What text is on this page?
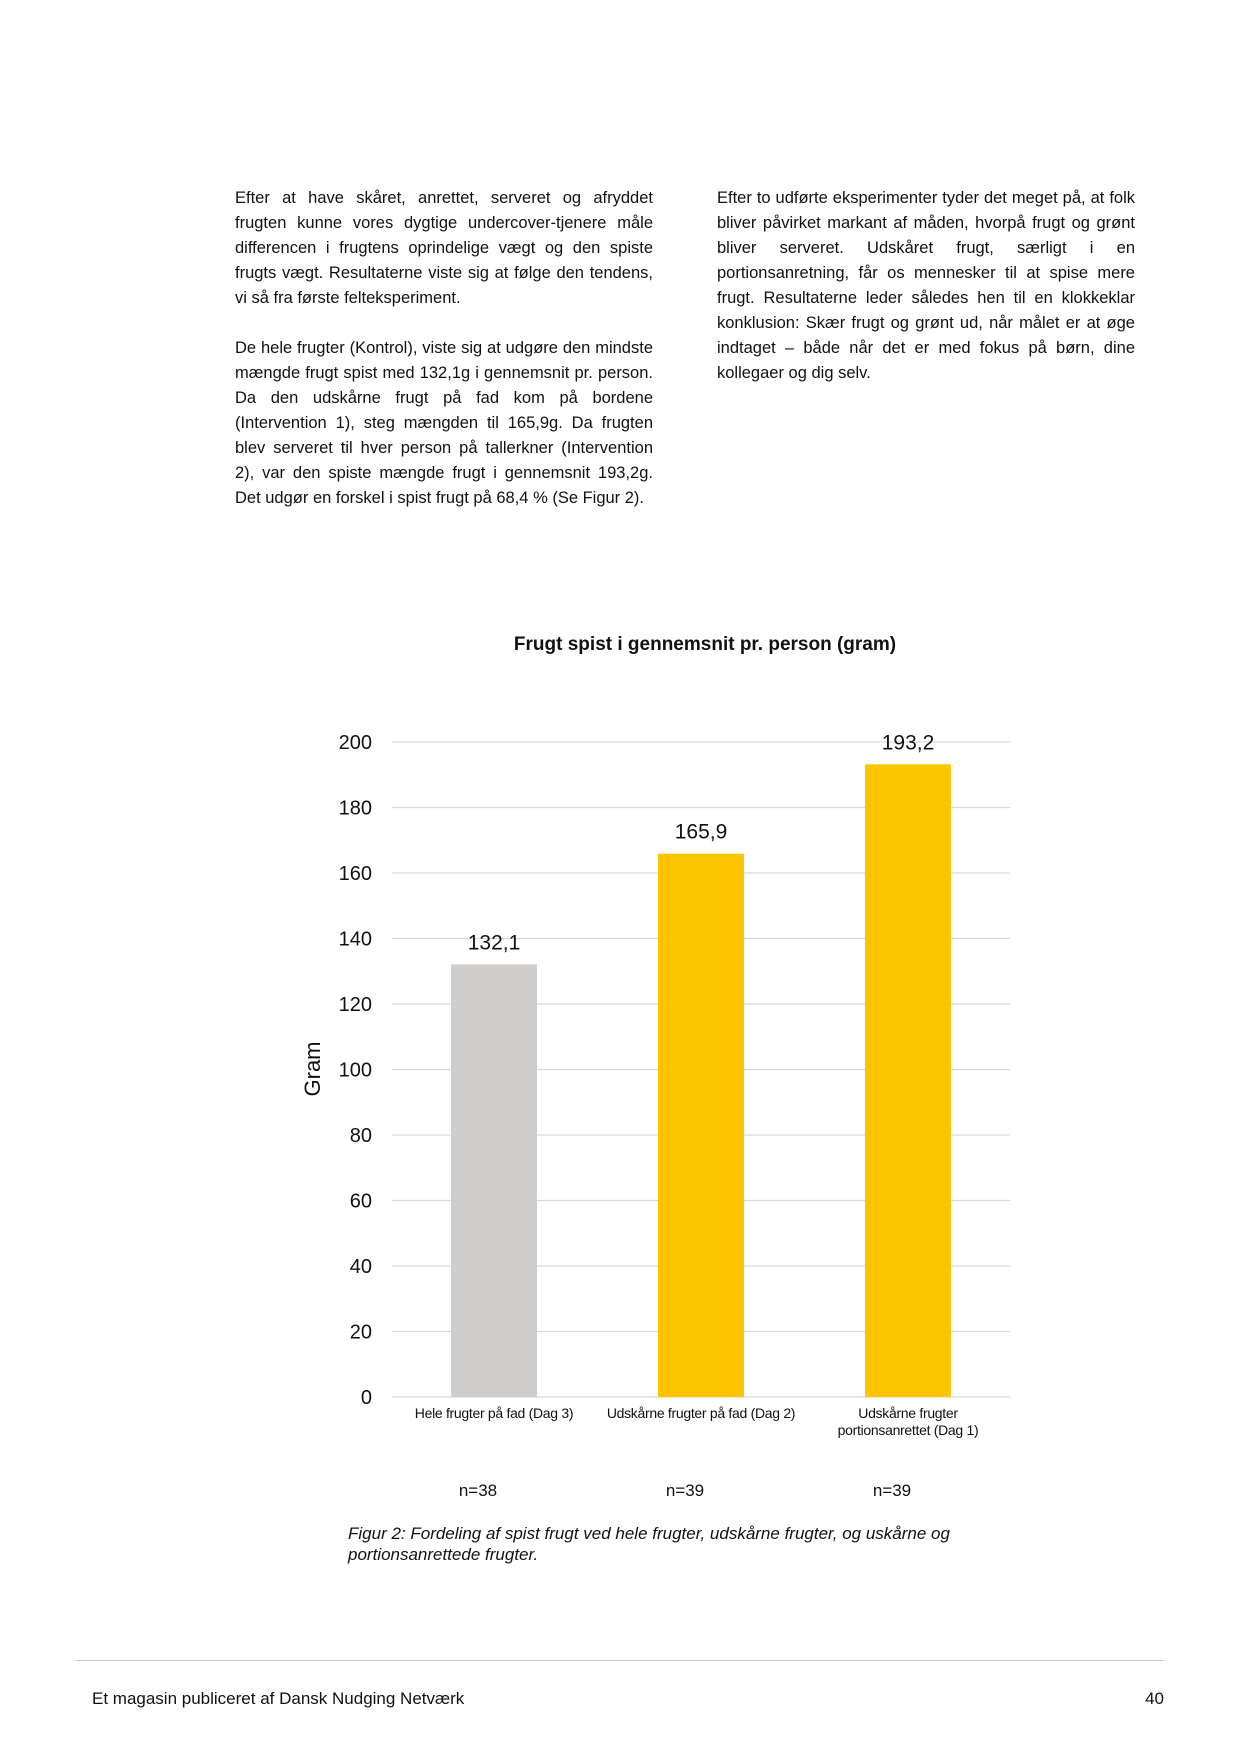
Efter at have skåret, anrettet, serveret og afryddet frugten kunne vores dygtige undercover-tjenere måle differencen i frugtens oprindelige vægt og den spiste frugts vægt. Resultaterne viste sig at følge den tendens, vi så fra første felteksperiment.

De hele frugter (Kontrol), viste sig at udgøre den mindste mængde frugt spist med 132,1g i gennemsnit pr. person. Da den udskårne frugt på fad kom på bordene (Intervention 1), steg mængden til 165,9g. Da frugten blev serveret til hver person på tallerkner (Intervention 2), var den spiste mængde frugt i gennemsnit 193,2g. Det udgør en forskel i spist frugt på 68,4 % (Se Figur 2).

Efter to udførte eksperimenter tyder det meget på, at folk bliver påvirket markant af måden, hvorpå frugt og grønt bliver serveret. Udskåret frugt, særligt i en portionsanretning, får os mennesker til at spise mere frugt. Resultaterne leder således hen til en klokkeklar konklusion: Skær frugt og grønt ud, når målet er at øge indtaget – både når det er med fokus på børn, dine kollegaer og dig selv.

Frugt spist i gennemsnit pr. person (gram)
Gram
0
20
40
60
80
100
120
140
160
180
200
132,1
165,9
193,2
Hele frugter på fad (Dag 3) Udskårne frugter på fad (Dag 2)	Udskårne frugter
portionsanrettet (Dag 1)
n=38	n=39	n=39
Figur 2: Fordeling af spist frugt ved hele frugter, udskårne frugter, og uskårne og portionsanrettede frugter.
Et magasin publiceret af Dansk Nudging Netværk	40
